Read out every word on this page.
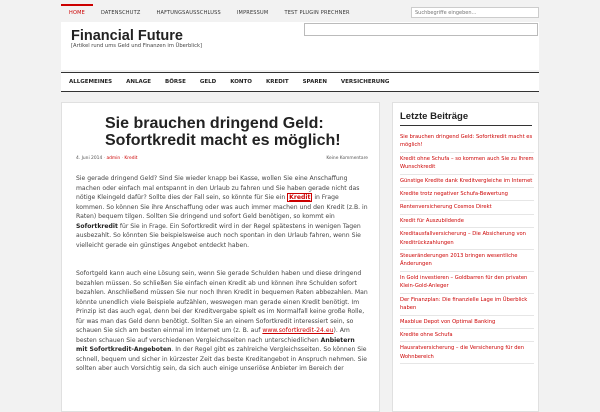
HOME	DATENSCHUTZ	HAFTUNGSAUSSCHLUSS	IMPRESSUM	TEST PLUGIN PRECHNER
Suchbegriffe eingeben…
Financial Future
[Artikel rund ums Geld und Finanzen im Überblick]
ALLGEMEINES	ANLAGE	BÖRSE	GELD	KONTO	KREDIT	SPAREN	VERSICHERUNG
Sie brauchen dringend Geld: Sofortkredit macht es möglich!
4. Juni 2014 · admin · Kredit	Keine Kommentare

Sie gerade dringend Geld? Sind Sie wieder knapp bei Kasse, wollen Sie eine Anschaffung machen oder einfach mal entspannt in den Urlaub zu fahren und Sie haben gerade nicht das nötige Kleingeld dafür? Sollte dies der Fall sein, so könnte für Sie ein Kredit in Frage kommen. So können Sie ihre Anschaffung oder was auch immer machen und den Kredit (z.B. in Raten) bequem tilgen. Sollten Sie dringend und sofort Geld benötigen, so kommt ein Sofortkredit für Sie in Frage. Ein Sofortkredit wird in der Regel spätestens in wenigen Tagen ausbezahlt. So könnten Sie beispielsweise auch noch spontan in den Urlaub fahren, wenn Sie vielleicht gerade ein günstiges Angebot entdeckt haben.

Sofortgeld kann auch eine Lösung sein, wenn Sie gerade Schulden haben und diese dringend bezahlen müssen. So schließen Sie einfach einen Kredit ab und können ihre Schulden sofort bezahlen. Anschließend müssen Sie nur noch Ihren Kredit in bequemen Raten abbezahlen. Man könnte unendlich viele Beispiele aufzählen, weswegen man gerade einen Kredit benötigt. Im Prinzip ist das auch egal, denn bei der Kreditvergabe spielt es im Normalfall keine große Rolle, für was man das Geld denn benötigt. Sollten Sie an einem Sofortkredit interessiert sein, so schauen Sie sich am besten einmal im Internet um (z. B. auf www.sofortkredit-24.eu). Am besten schauen Sie auf verschiedenen Vergleichsseiten nach unterschiedlichen Anbietern mit Sofortkredit-Angeboten. In der Regel gibt es zahlreiche Vergleichsseiten. So können Sie schnell, bequem und sicher in kürzester Zeit das beste Kreditangebot in Anspruch nehmen. Sie sollten aber auch Vorsichtig sein, da sich auch einige unseriöse Anbieter im Bereich der

Letzte Beiträge
Sie brauchen dringend Geld: Sofortkredit macht es möglich!
Kredit ohne Schufa – so kommen auch Sie zu Ihrem Wunschkredit
Günstige Kredite dank Kreditvergleiche im Internet
Kredite trotz negativer Schufa-Bewertung
Rentenversicherung Cosmos Direkt
Kredit für Auszubildende
Kreditausfallversicherung – Die Absicherung von Kreditrückzahlungen
Steueränderungen 2013 bringen wesentliche Änderungen
In Gold investieren – Goldbarren für den privaten Klein-Gold-Anleger
Der Finanzplan: Die finanzielle Lage im Überblick haben
Maxblue Depot von Optimal Banking
Kredite ohne Schufa
Hausratversicherung – die Versicherung für den Wohnbereich
